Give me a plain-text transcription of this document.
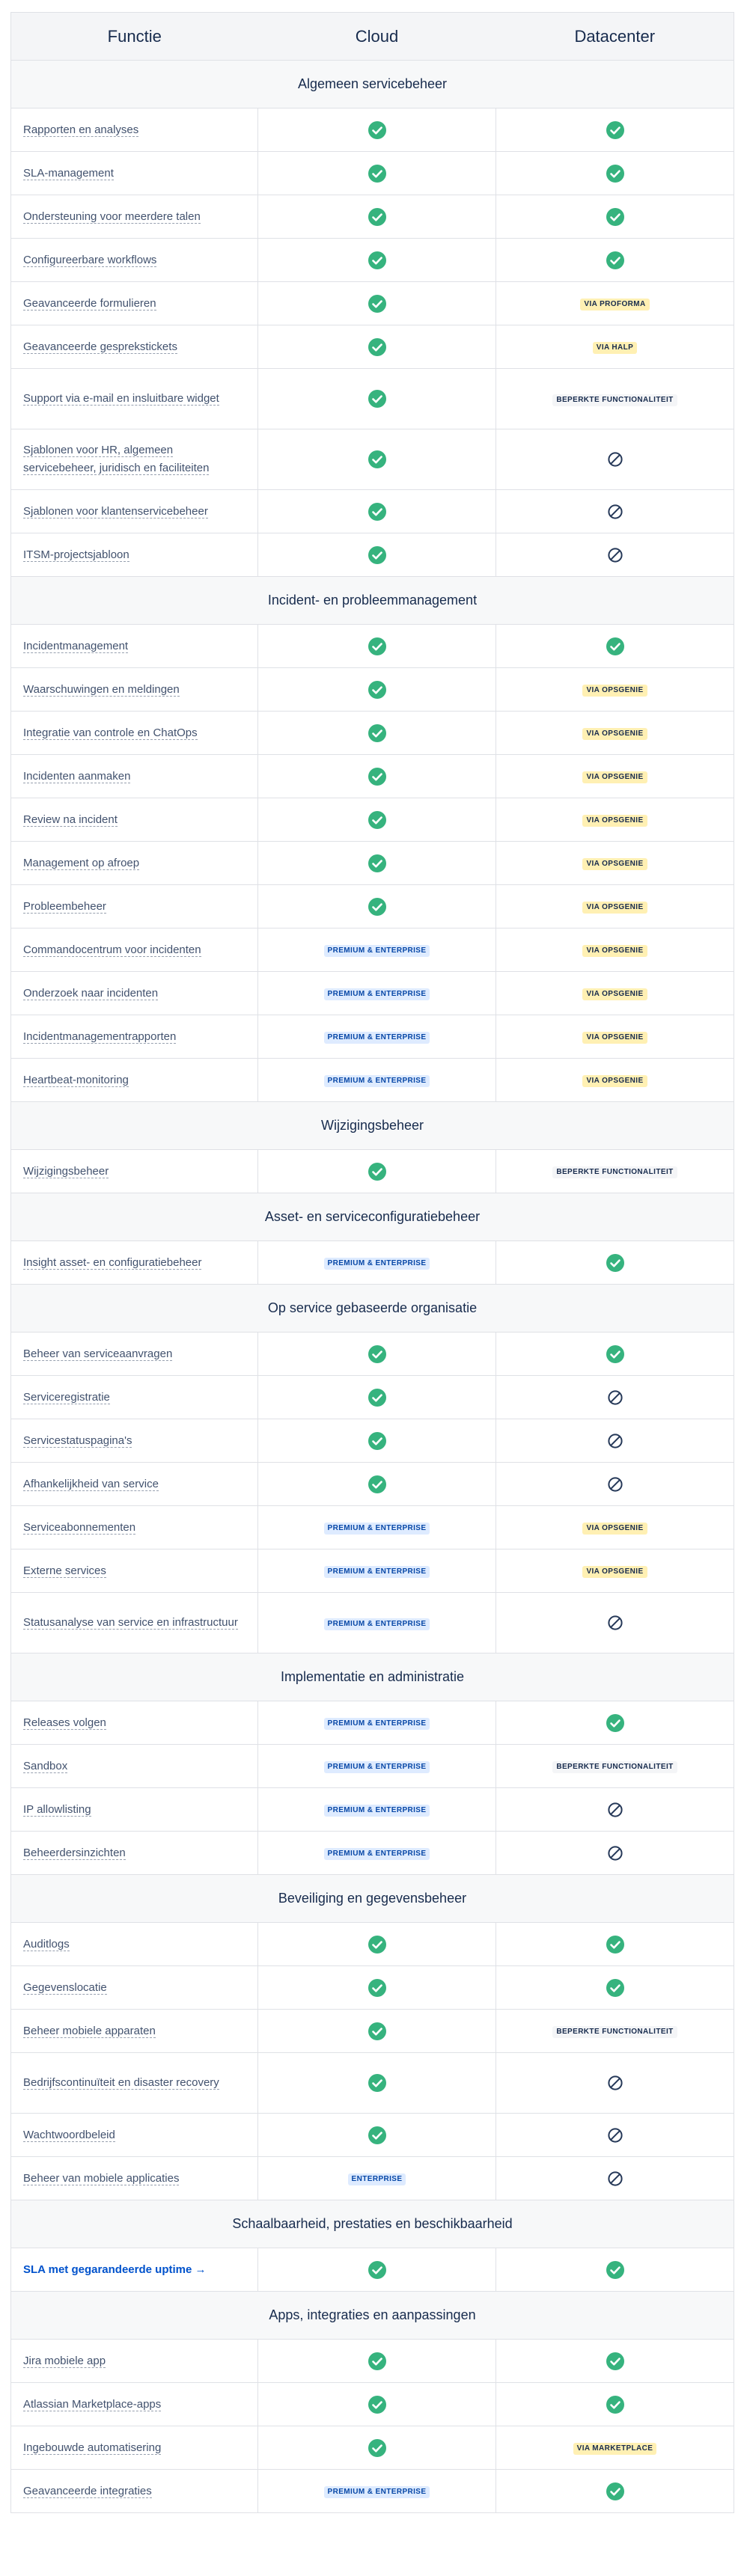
Functie	Cloud	Datacenter
Algemeen servicebeheer		
Rapporten en analyses		
SLA-management		
Ondersteuning voor meerdere talen		
Configureerbare workflows		
Geavanceerde formulieren		VIA PROFORMA
Geavanceerde gesprekstickets		VIA HALP
Support via e-mail en insluitbare widget		BEPERKTE FUNCTIONALITEIT
Sjablonen voor HR, algemeen servicebeheer, juridisch en faciliteiten		
Sjablonen voor klantenservicebeheer		
ITSM-projectsjabloon		
Incident- en probleemmanagement		
Incidentmanagement		
Waarschuwingen en meldingen		VIA OPSGENIE
Integratie van controle en ChatOps		VIA OPSGENIE
Incidenten aanmaken		VIA OPSGENIE
Review na incident		VIA OPSGENIE
Management op afroep		VIA OPSGENIE
Probleembeheer		VIA OPSGENIE
Commandocentrum voor incidenten	PREMIUM & ENTERPRISE	VIA OPSGENIE
Onderzoek naar incidenten	PREMIUM & ENTERPRISE	VIA OPSGENIE
Incidentmanagementrapporten	PREMIUM & ENTERPRISE	VIA OPSGENIE
Heartbeat-monitoring	PREMIUM & ENTERPRISE	VIA OPSGENIE
Wijzigingsbeheer		
Wijzigingsbeheer		BEPERKTE FUNCTIONALITEIT
Asset- en serviceconfiguratiebeheer		
Insight asset- en configuratiebeheer	PREMIUM & ENTERPRISE	
Op service gebaseerde organisatie		
Beheer van serviceaanvragen		
Serviceregistratie		
Servicestatuspagina's		
Afhankelijkheid van service		
Serviceabonnementen	PREMIUM & ENTERPRISE	VIA OPSGENIE
Externe services	PREMIUM & ENTERPRISE	VIA OPSGENIE
Statusanalyse van service en infrastructuur	PREMIUM & ENTERPRISE	
Implementatie en administratie		
Releases volgen	PREMIUM & ENTERPRISE	
Sandbox	PREMIUM & ENTERPRISE	BEPERKTE FUNCTIONALITEIT
IP allowlisting	PREMIUM & ENTERPRISE	
Beheerdersinzichten	PREMIUM & ENTERPRISE	
Beveiliging en gegevensbeheer		
Auditlogs		
Gegevenslocatie		
Beheer mobiele apparaten		BEPERKTE FUNCTIONALITEIT
Bedrijfscontinuïteit en disaster recovery		
Wachtwoordbeleid		
Beheer van mobiele applicaties	ENTERPRISE	
Schaalbaarheid, prestaties en beschikbaarheid		
SLA met gegarandeerde uptime →		
Apps, integraties en aanpassingen		
Jira mobiele app		
Atlassian Marketplace-apps		
Ingebouwde automatisering		VIA MARKETPLACE
Geavanceerde integraties	PREMIUM & ENTERPRISE	
